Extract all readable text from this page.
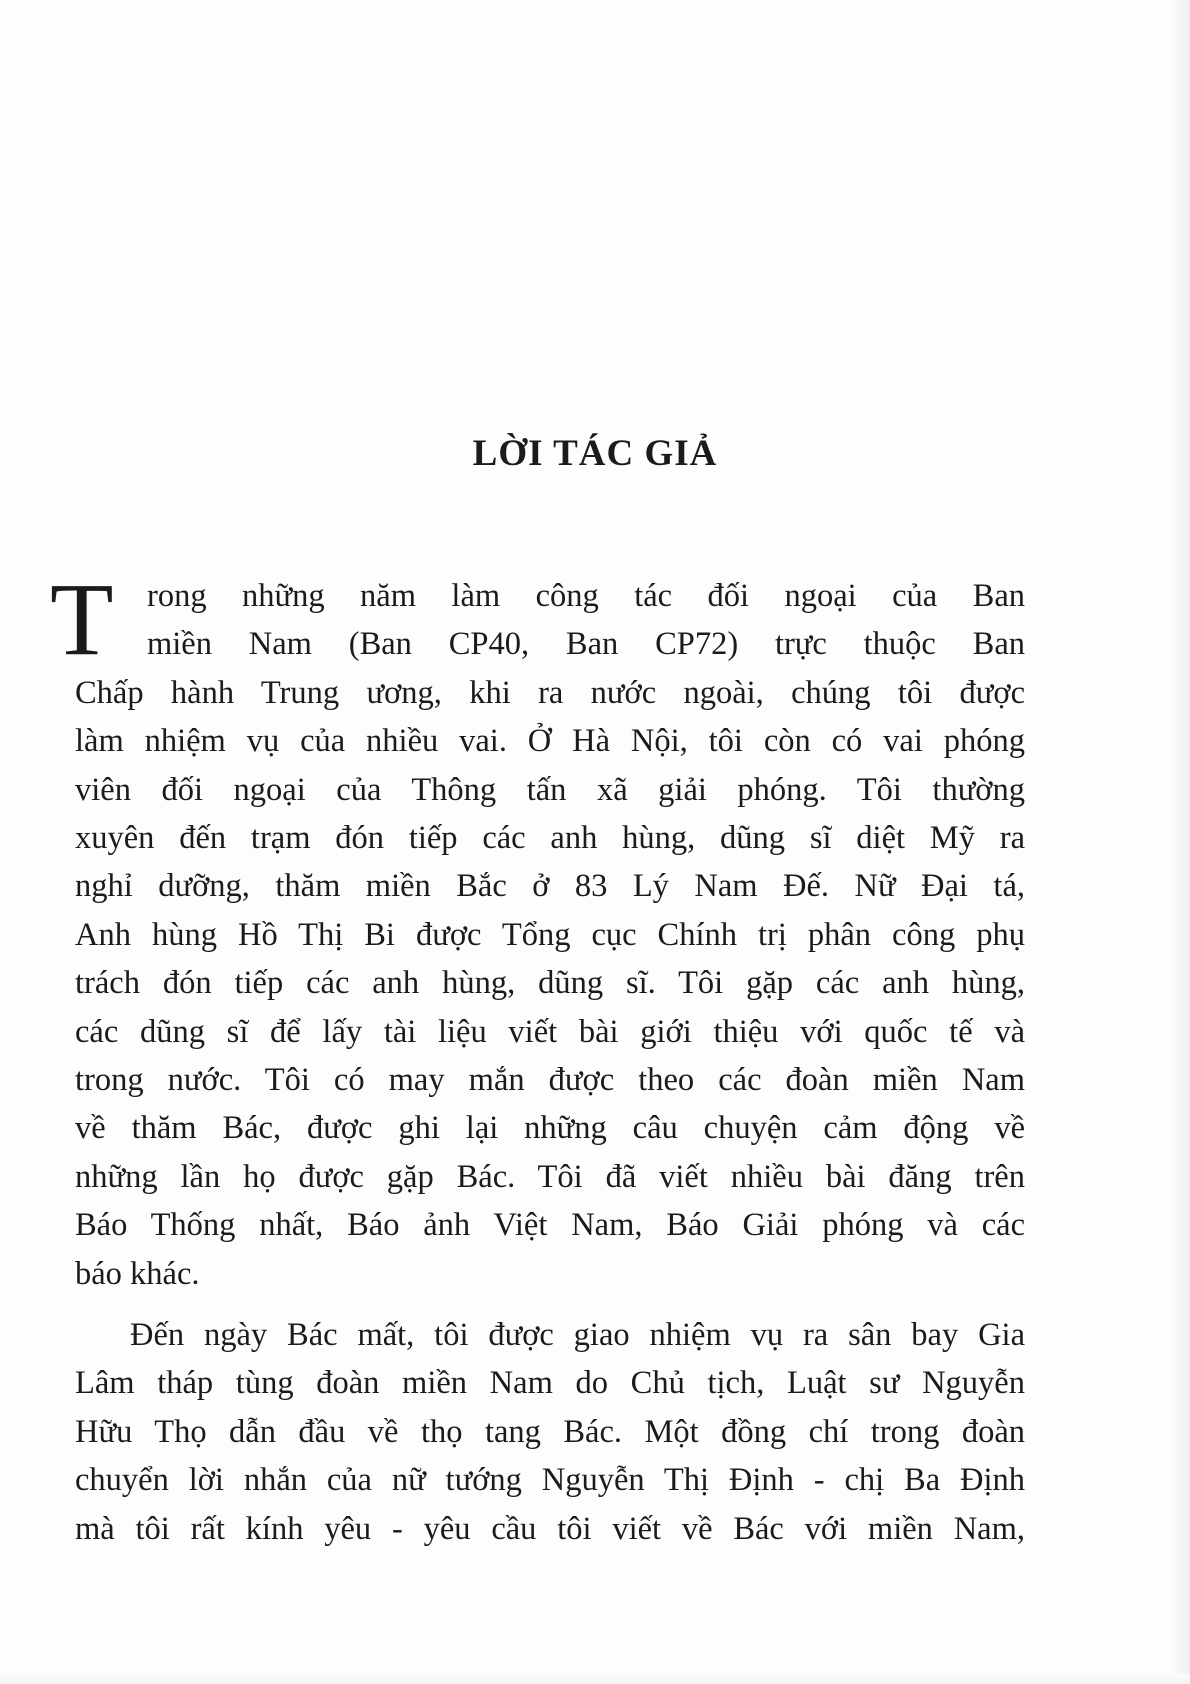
LỜI TÁC GIẢ
T	rong những năm làm công tác đối ngoại của Ban
miền Nam (Ban CP40, Ban CP72) trực thuộc Ban
Chấp hành Trung ương, khi ra nước ngoài, chúng tôi được
làm nhiệm vụ của nhiều vai. Ở Hà Nội, tôi còn có vai phóng
viên đối ngoại của Thông tấn xã giải phóng. Tôi thường
xuyên đến trạm đón tiếp các anh hùng, dũng sĩ diệt Mỹ ra
nghỉ dưỡng, thăm miền Bắc ở 83 Lý Nam Đế. Nữ Đại tá,
Anh hùng Hồ Thị Bi được Tổng cục Chính trị phân công phụ
trách đón tiếp các anh hùng, dũng sĩ. Tôi gặp các anh hùng,
các dũng sĩ để lấy tài liệu viết bài giới thiệu với quốc tế và
trong nước. Tôi có may mắn được theo các đoàn miền Nam
về thăm Bác, được ghi lại những câu chuyện cảm động về
những lần họ được gặp Bác. Tôi đã viết nhiều bài đăng trên
Báo Thống nhất, Báo ảnh Việt Nam, Báo Giải phóng và các
báo khác.
Đến ngày Bác mất, tôi được giao nhiệm vụ ra sân bay Gia
Lâm tháp tùng đoàn miền Nam do Chủ tịch, Luật sư Nguyễn
Hữu Thọ dẫn đầu về thọ tang Bác. Một đồng chí trong đoàn
chuyển lời nhắn của nữ tướng Nguyễn Thị Định - chị Ba Định
mà tôi rất kính yêu - yêu cầu tôi viết về Bác với miền Nam,
